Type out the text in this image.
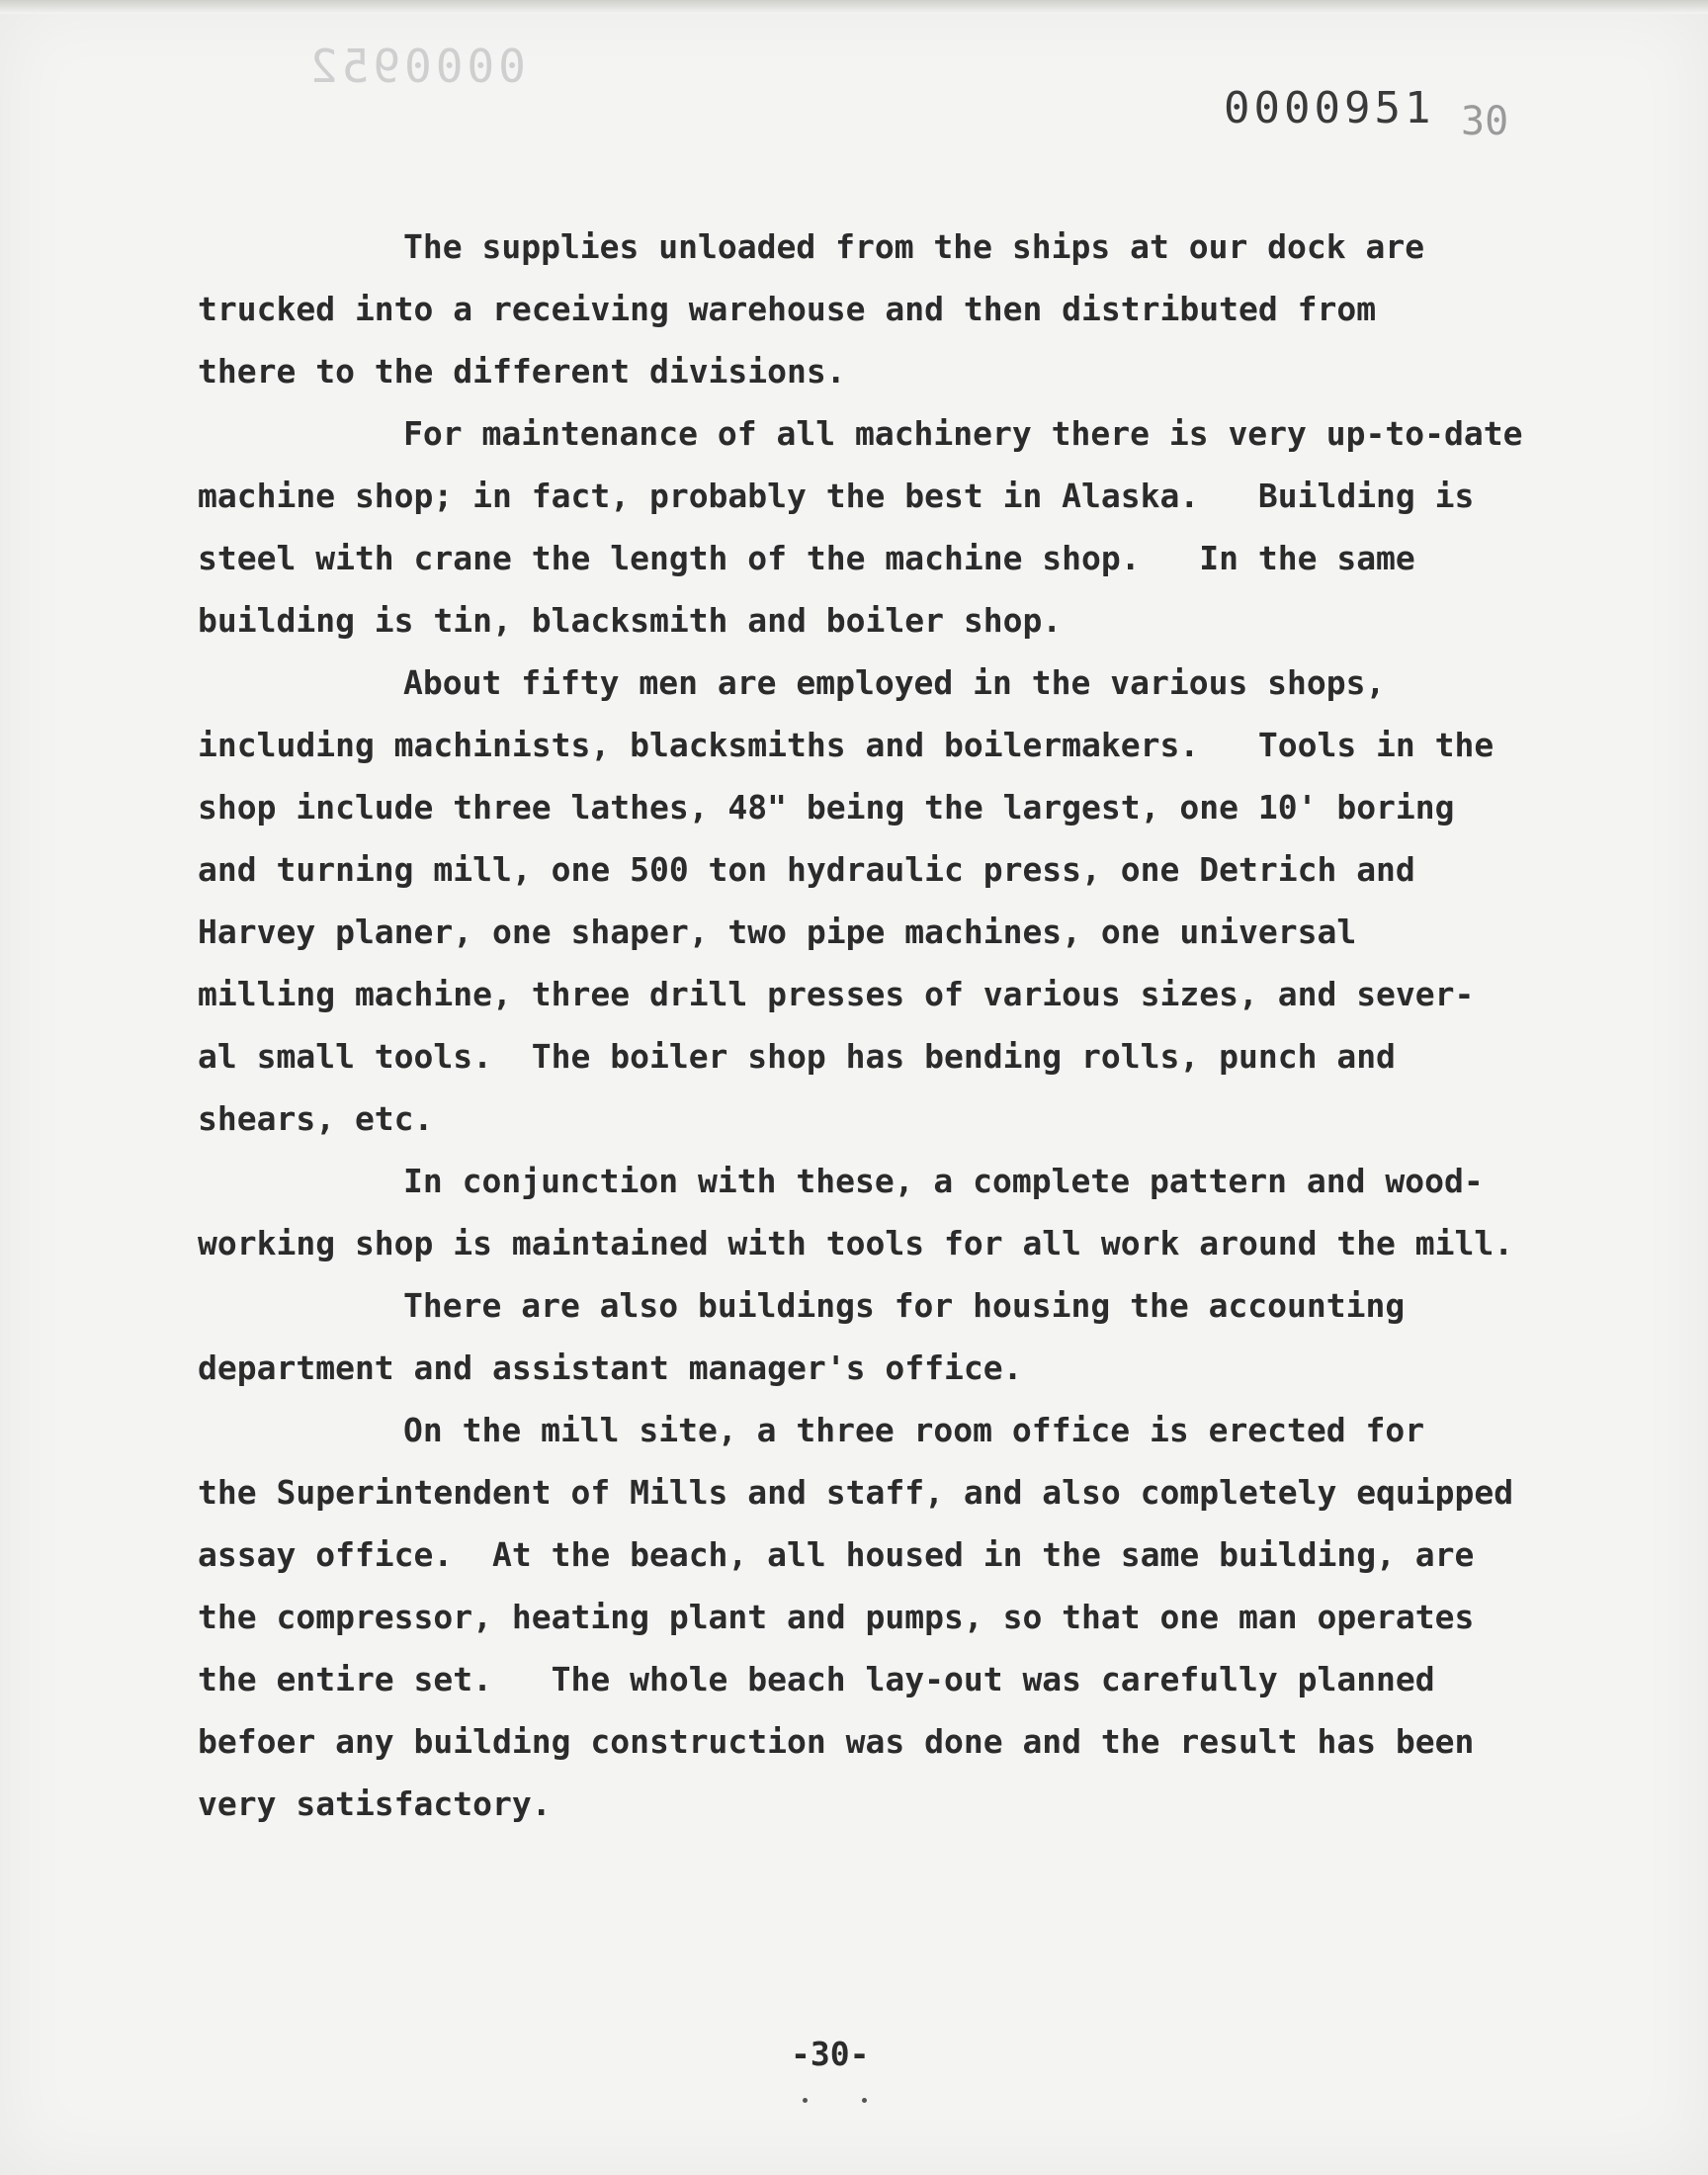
0000952
0000951 30
The supplies unloaded from the ships at our dock are
trucked into a receiving warehouse and then distributed from
there to the different divisions.
For maintenance of all machinery there is very up-to-date
machine shop; in fact, probably the best in Alaska.   Building is
steel with crane the length of the machine shop.   In the same
building is tin, blacksmith and boiler shop.
About fifty men are employed in the various shops,
including machinists, blacksmiths and boilermakers.   Tools in the
shop include three lathes, 48" being the largest, one 10' boring
and turning mill, one 500 ton hydraulic press, one Detrich and
Harvey planer, one shaper, two pipe machines, one universal
milling machine, three drill presses of various sizes, and sever-
al small tools.  The boiler shop has bending rolls, punch and
shears, etc.
In conjunction with these, a complete pattern and wood-
working shop is maintained with tools for all work around the mill.
There are also buildings for housing the accounting
department and assistant manager's office.
On the mill site, a three room office is erected for
the Superintendent of Mills and staff, and also completely equipped
assay office.  At the beach, all housed in the same building, are
the compressor, heating plant and pumps, so that one man operates
the entire set.   The whole beach lay-out was carefully planned
befoer any building construction was done and the result has been
very satisfactory.
-30-
